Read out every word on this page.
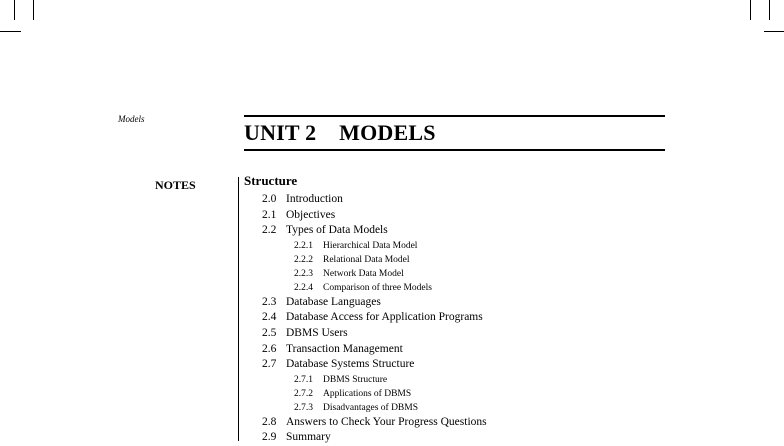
Models
UNIT 2    MODELS
NOTES	Structure
2.0 Introduction
2.1 Objectives
2.2 Types of Data Models
2.2.1 Hierarchical Data Model
2.2.2 Relational Data Model
2.2.3 Network Data Model
2.2.4 Comparison of three Models
2.3 Database Languages
2.4 Database Access for Application Programs
2.5 DBMS Users
2.6 Transaction Management
2.7 Database Systems Structure
2.7.1 DBMS Structure
2.7.2 Applications of DBMS
2.7.3 Disadvantages of DBMS
2.8 Answers to Check Your Progress Questions
2.9 Summary
